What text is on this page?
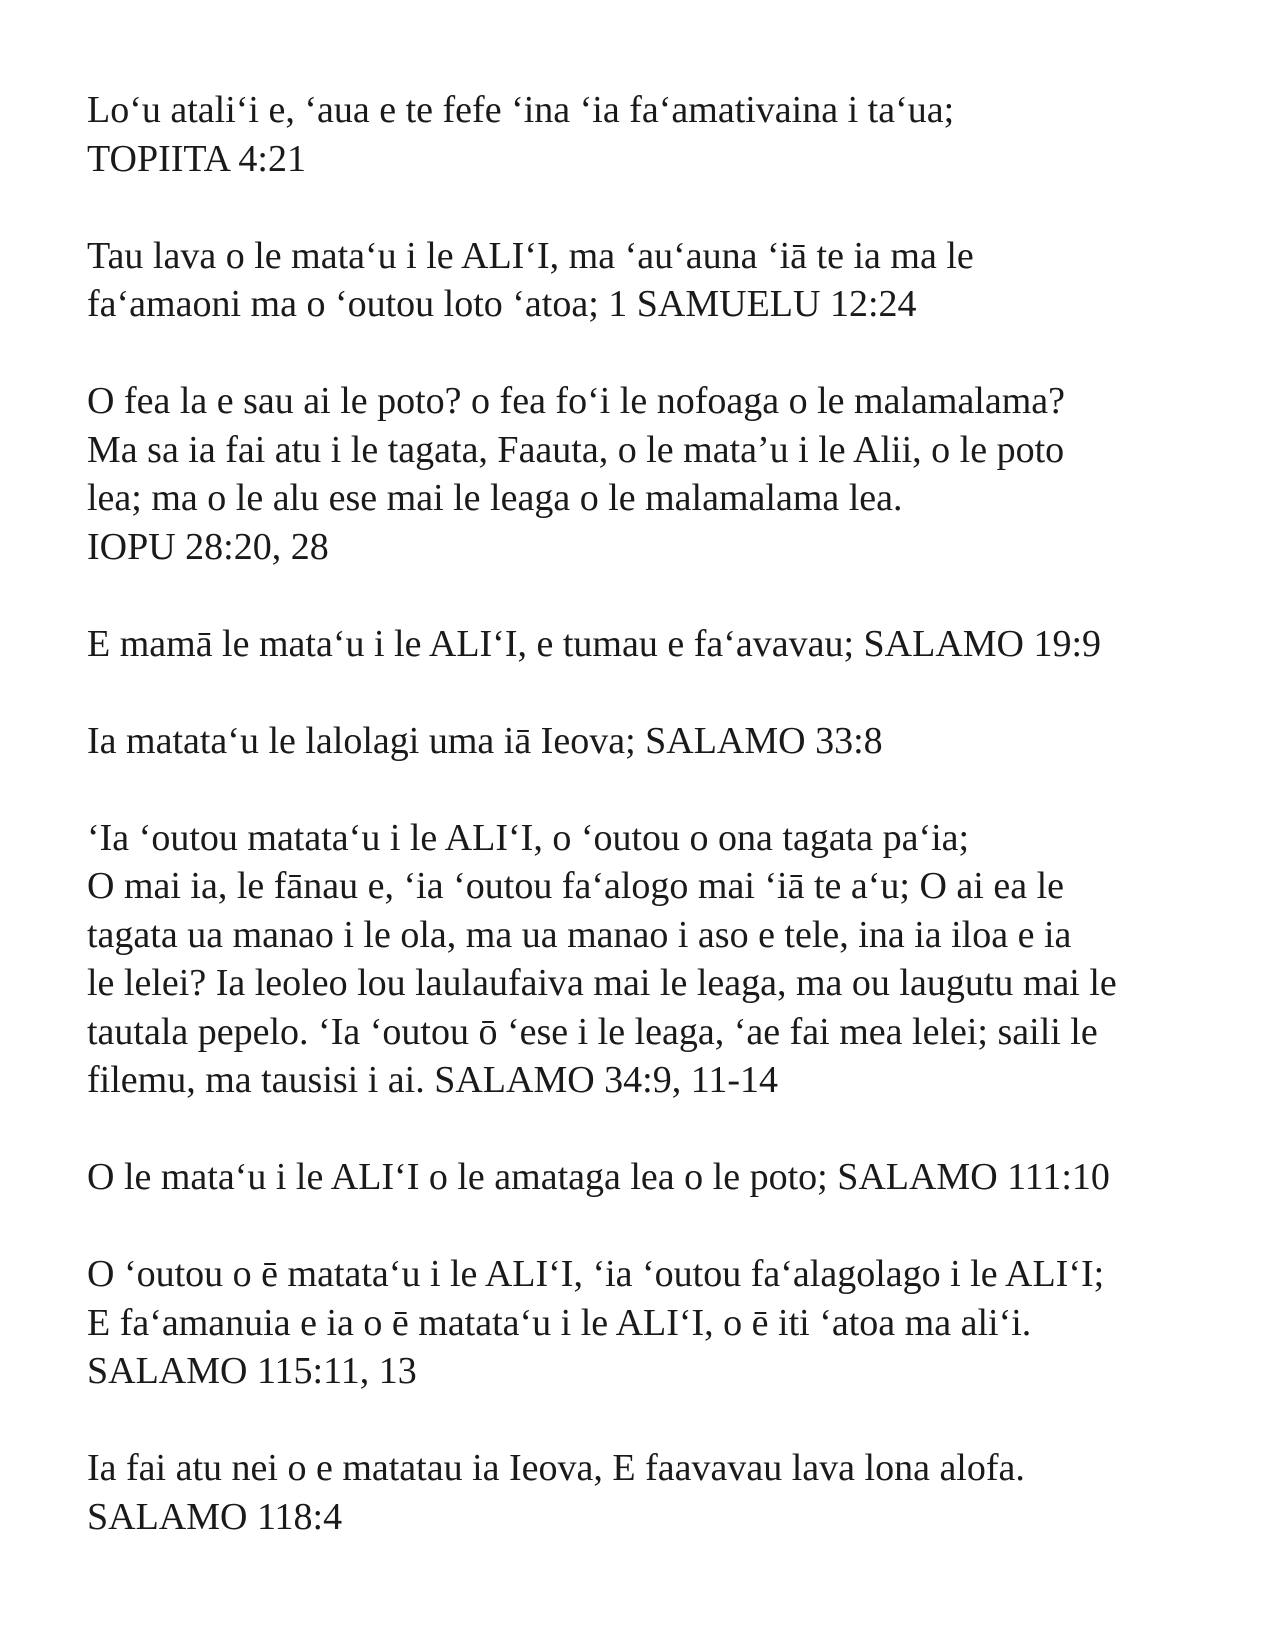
Loʻu ataliʻi e, ʻaua e te fefe ʻina ʻia faʻamativaina i taʻua;
TOPIITA 4:21

Tau lava o le mataʻu i le ALIʻI, ma ʻauʻauna ʻiā te ia ma le
faʻamaoni ma o ʻoutou loto ʻatoa; 1 SAMUELU 12:24

O fea la e sau ai le poto? o fea foʻi le nofoaga o le malamalama?
Ma sa ia fai atu i le tagata, Faauta, o le mata’u i le Alii, o le poto
lea; ma o le alu ese mai le leaga o le malamalama lea.
IOPU 28:20, 28

E mamā le mataʻu i le ALIʻI, e tumau e faʻavavau; SALAMO 19:9

Ia matataʻu le lalolagi uma iā Ieova; SALAMO 33:8

ʻIa ʻoutou matataʻu i le ALIʻI, o ʻoutou o ona tagata paʻia;
O mai ia, le fānau e, ʻia ʻoutou faʻalogo mai ʻiā te aʻu; O ai ea le
tagata ua manao i le ola, ma ua manao i aso e tele, ina ia iloa e ia
le lelei? Ia leoleo lou laulaufaiva mai le leaga, ma ou laugutu mai le
tautala pepelo. ʻIa ʻoutou ō ʻese i le leaga, ʻae fai mea lelei; saili le
filemu, ma tausisi i ai. SALAMO 34:9, 11-14

O le mataʻu i le ALIʻI o le amataga lea o le poto; SALAMO 111:10

O ʻoutou o ē matataʻu i le ALIʻI, ʻia ʻoutou faʻalagolago i le ALIʻI;
E faʻamanuia e ia o ē matataʻu i le ALIʻI, o ē iti ʻatoa ma aliʻi.
SALAMO 115:11, 13

Ia fai atu nei o e matatau ia Ieova, E faavavau lava lona alofa.
SALAMO 118:4
